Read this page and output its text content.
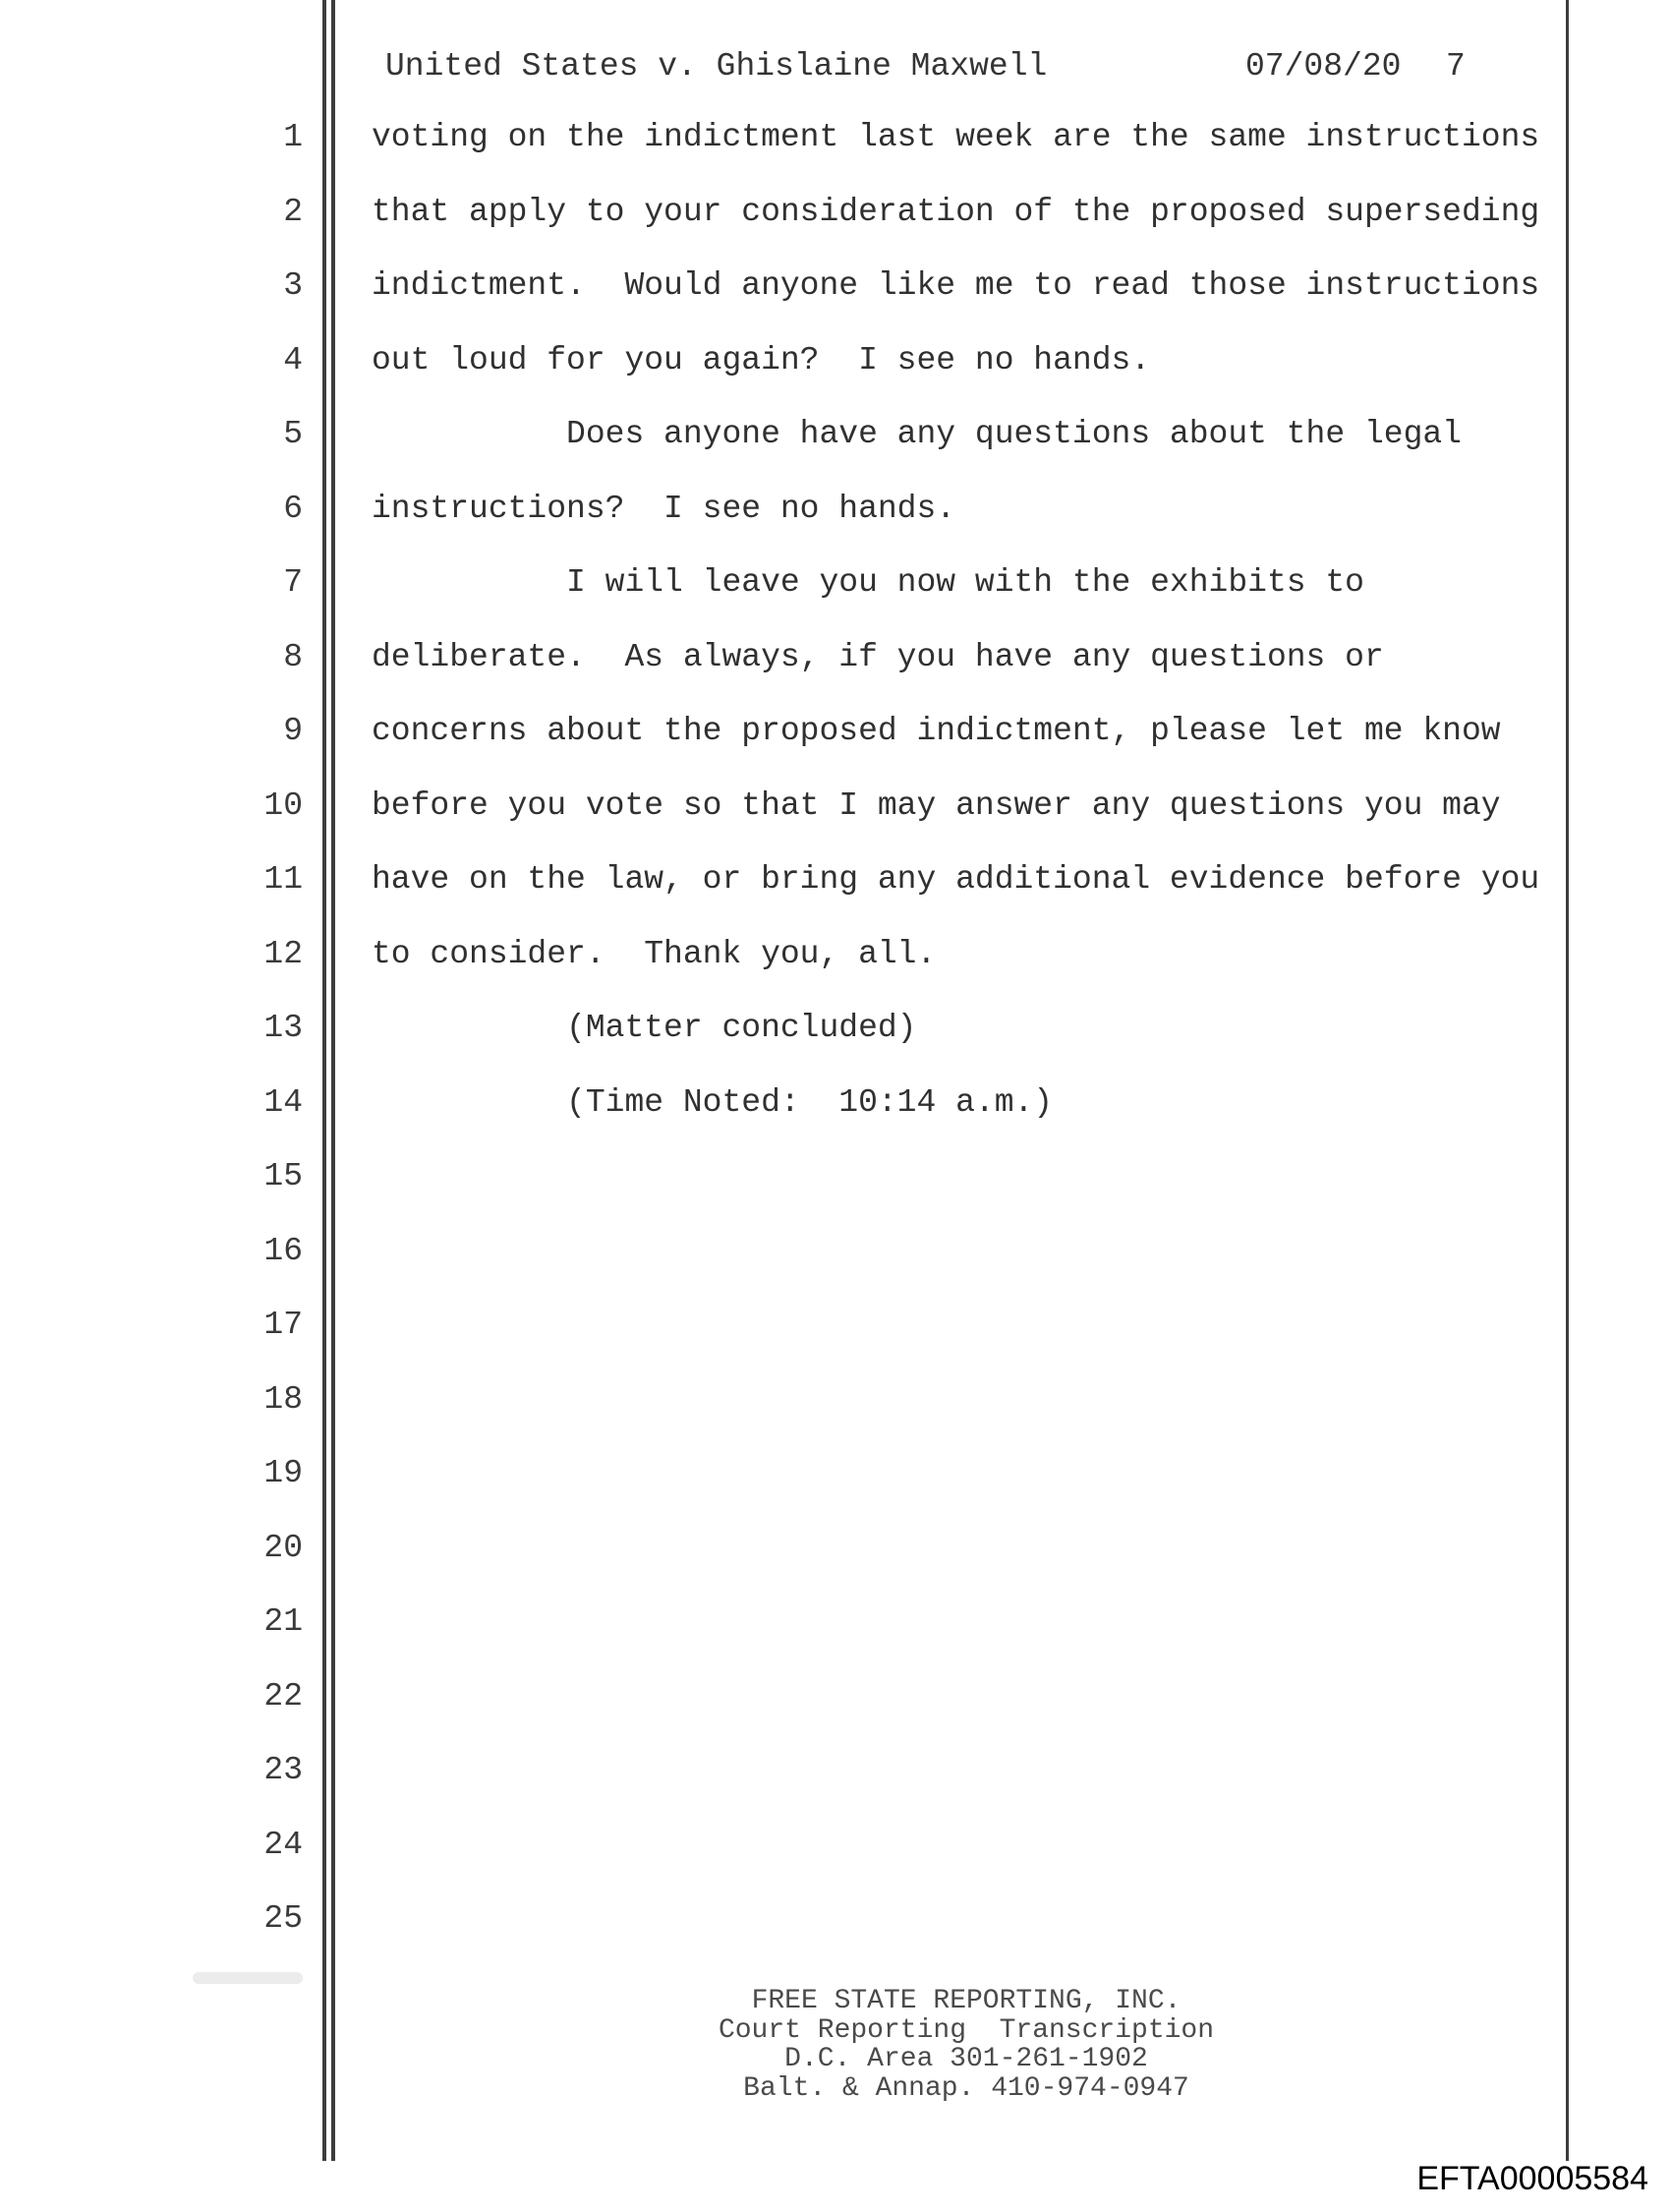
United States v. Ghislaine Maxwell	07/08/20 7
1 voting on the indictment last week are the same instructions
2 that apply to your consideration of the proposed superseding
3 indictment.  Would anyone like me to read those instructions
4 out loud for you again?  I see no hands.
5 Does anyone have any questions about the legal
6 instructions?  I see no hands.
7 I will leave you now with the exhibits to
8 deliberate.  As always, if you have any questions or
9 concerns about the proposed indictment, please let me know
10 before you vote so that I may answer any questions you may
11 have on the law, or bring any additional evidence before you
12 to consider.  Thank you, all.
13 (Matter concluded)
14 (Time Noted:  10:14 a.m.)
15
16
17
18
19
20
21
22
23
24
25
FREE STATE REPORTING, INC.
Court Reporting  Transcription
D.C. Area 301-261-1902
Balt. & Annap. 410-974-0947
EFTA00005584
